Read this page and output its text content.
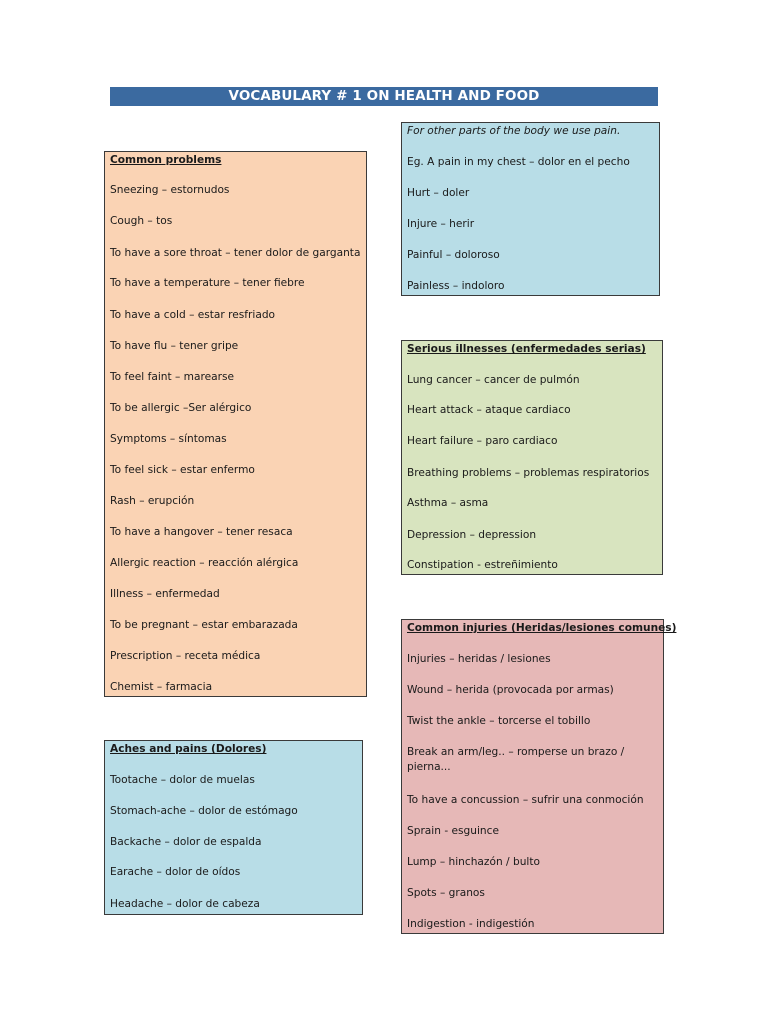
VOCABULARY # 1 ON HEALTH AND FOOD
Common problems
Sneezing – estornudos
Cough – tos
To have a sore throat – tener dolor de garganta
To have a temperature – tener fiebre
To have a cold – estar resfriado
To have flu – tener gripe
To feel faint – marearse
To be allergic –Ser alérgico
Symptoms – síntomas
To feel sick – estar enfermo
Rash – erupción
To have a hangover – tener resaca
Allergic reaction – reacción alérgica
Illness – enfermedad
To be pregnant – estar embarazada
Prescription – receta médica
Chemist – farmacia
Aches and pains (Dolores)
Tootache – dolor de muelas
Stomach-ache – dolor de estómago
Backache – dolor de espalda
Earache – dolor de oídos
Headache – dolor de cabeza
For other parts of the body we use pain.
Eg. A pain in my chest – dolor en el pecho
Hurt – doler
Injure – herir
Painful – doloroso
Painless – indoloro
Serious illnesses (enfermedades serias)
Lung cancer – cancer de pulmón
Heart attack – ataque cardiaco
Heart failure – paro cardiaco
Breathing problems – problemas respiratorios
Asthma – asma
Depression – depression
Constipation - estreñimiento
Common injuries (Heridas/lesiones comunes)
Injuries – heridas / lesiones
Wound – herida (provocada por armas)
Twist the ankle – torcerse el tobillo
Break an arm/leg.. – romperse un brazo / pierna...
To have a concussion – sufrir una conmoción
Sprain - esguince
Lump – hinchazón / bulto
Spots – granos
Indigestion - indigestión
